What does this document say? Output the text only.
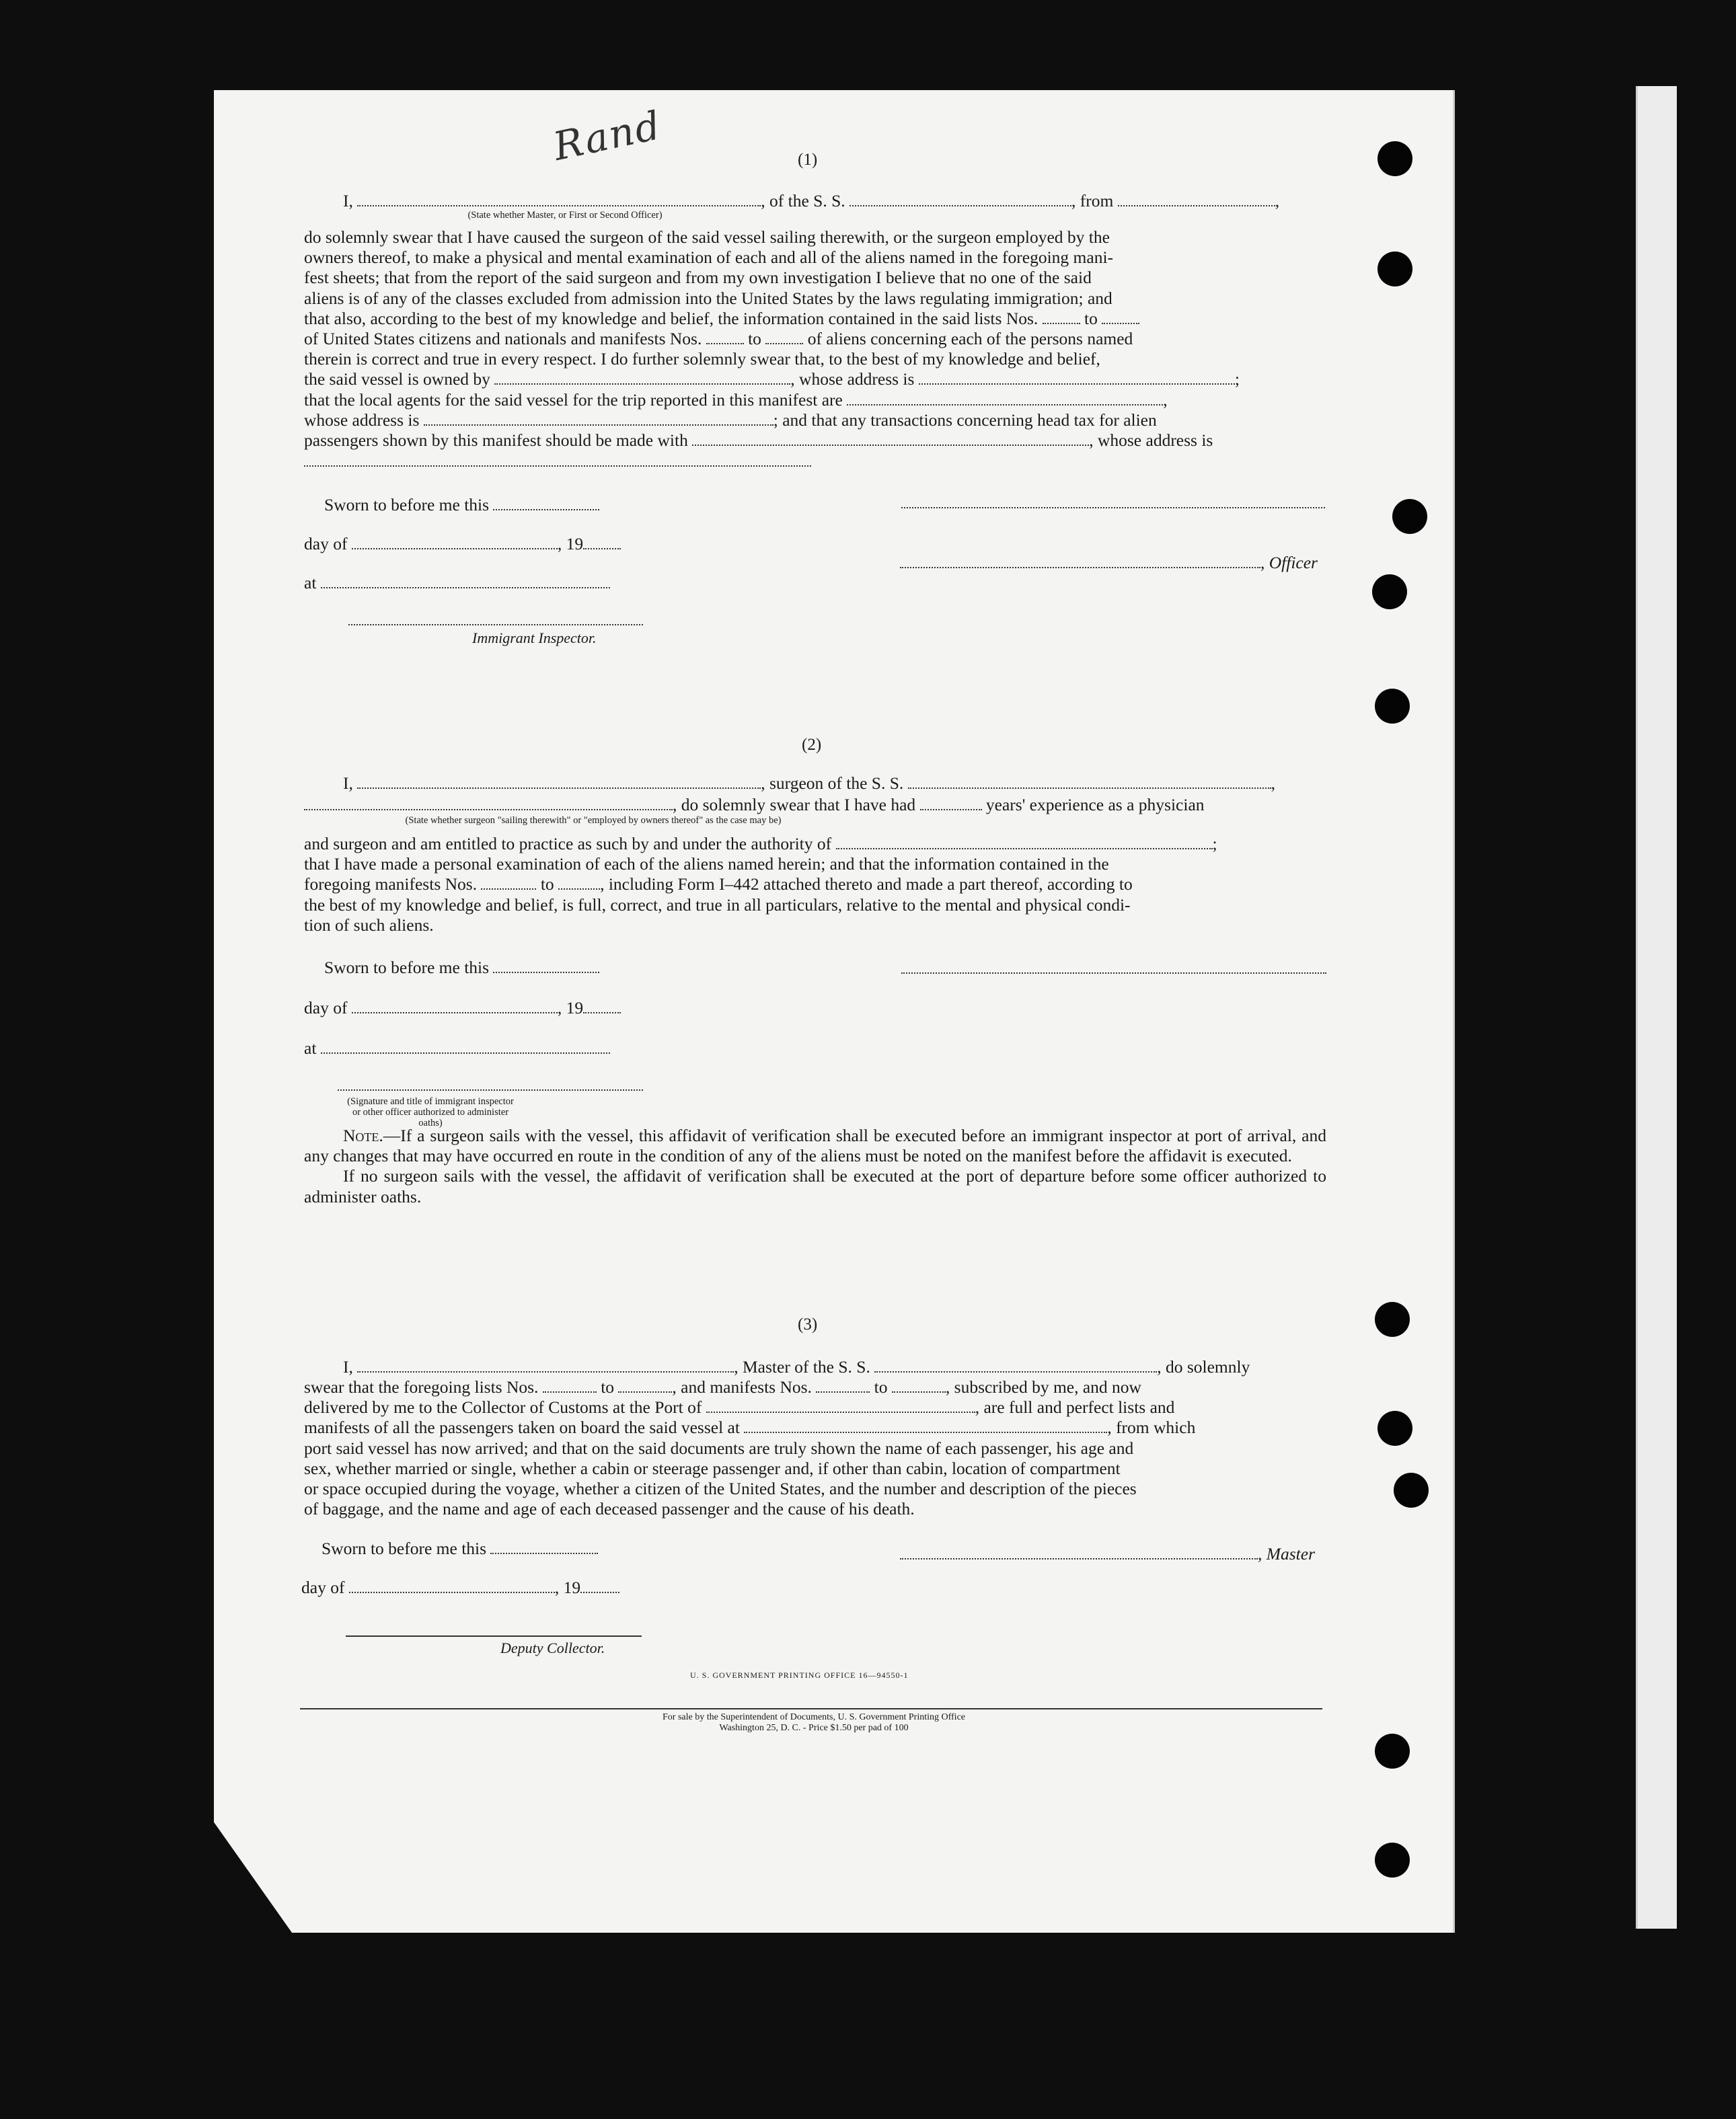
Rand	(1)
I,	, of the S. S.	, from	,
(State whether Master, or First or Second Officer)
do solemnly swear that I have caused the surgeon of the said vessel sailing therewith, or the surgeon employed by the
owners thereof, to make a physical and mental examination of each and all of the aliens named in the foregoing mani-
fest sheets; that from the report of the said surgeon and from my own investigation I believe that no one of the said
aliens is of any of the classes excluded from admission into the United States by the laws regulating immigration; and
that also, according to the best of my knowledge and belief, the information contained in the said lists Nos.	to
of United States citizens and nationals and manifests Nos.	to	of aliens concerning each of the persons named
therein is correct and true in every respect. I do further solemnly swear that, to the best of my knowledge and belief,
the said vessel is owned by	, whose address is	;
that the local agents for the said vessel for the trip reported in this manifest are	,
whose address is	; and that any transactions concerning head tax for alien
passengers shown by this manifest should be made with	, whose address is
Sworn to before me this
day of	, 19
, Officer
at
Immigrant Inspector.
(2)
I,	, surgeon of the S. S.	,
, do solemnly swear that I have had	years' experience as a physician
(State whether surgeon "sailing therewith" or "employed by owners thereof" as the case may be)
and surgeon and am entitled to practice as such by and under the authority of	;
that I have made a personal examination of each of the aliens named herein; and that the information contained in the
foregoing manifests Nos.	to	, including Form I–442 attached thereto and made a part thereof, according to
the best of my knowledge and belief, is full, correct, and true in all particulars, relative to the mental and physical condi-
tion of such aliens.
Sworn to before me this
day of	, 19
at
(Signature and title of immigrant inspector or other officer authorized to administer oaths)
Note.—If a surgeon sails with the vessel, this affidavit of verification shall be executed before an immigrant inspector at port of arrival, and any changes that may have occurred en route in the condition of any of the aliens must be noted on the manifest before the affidavit is executed.
If no surgeon sails with the vessel, the affidavit of verification shall be executed at the port of departure before some officer authorized to administer oaths.
(3)
I,	, Master of the S. S.	, do solemnly
swear that the foregoing lists Nos.	to	, and manifests Nos.	to	, subscribed by me, and now
delivered by me to the Collector of Customs at the Port of	, are full and perfect lists and
manifests of all the passengers taken on board the said vessel at	, from which
port said vessel has now arrived; and that on the said documents are truly shown the name of each passenger, his age and
sex, whether married or single, whether a cabin or steerage passenger and, if other than cabin, location of compartment
or space occupied during the voyage, whether a citizen of the United States, and the number and description of the pieces
of baggage, and the name and age of each deceased passenger and the cause of his death.
Sworn to before me this	, Master
day of	, 19
Deputy Collector.
U. S. GOVERNMENT PRINTING OFFICE 16—94550-1
For sale by the Superintendent of Documents, U. S. Government Printing Office
Washington 25, D. C. - Price $1.50 per pad of 100
